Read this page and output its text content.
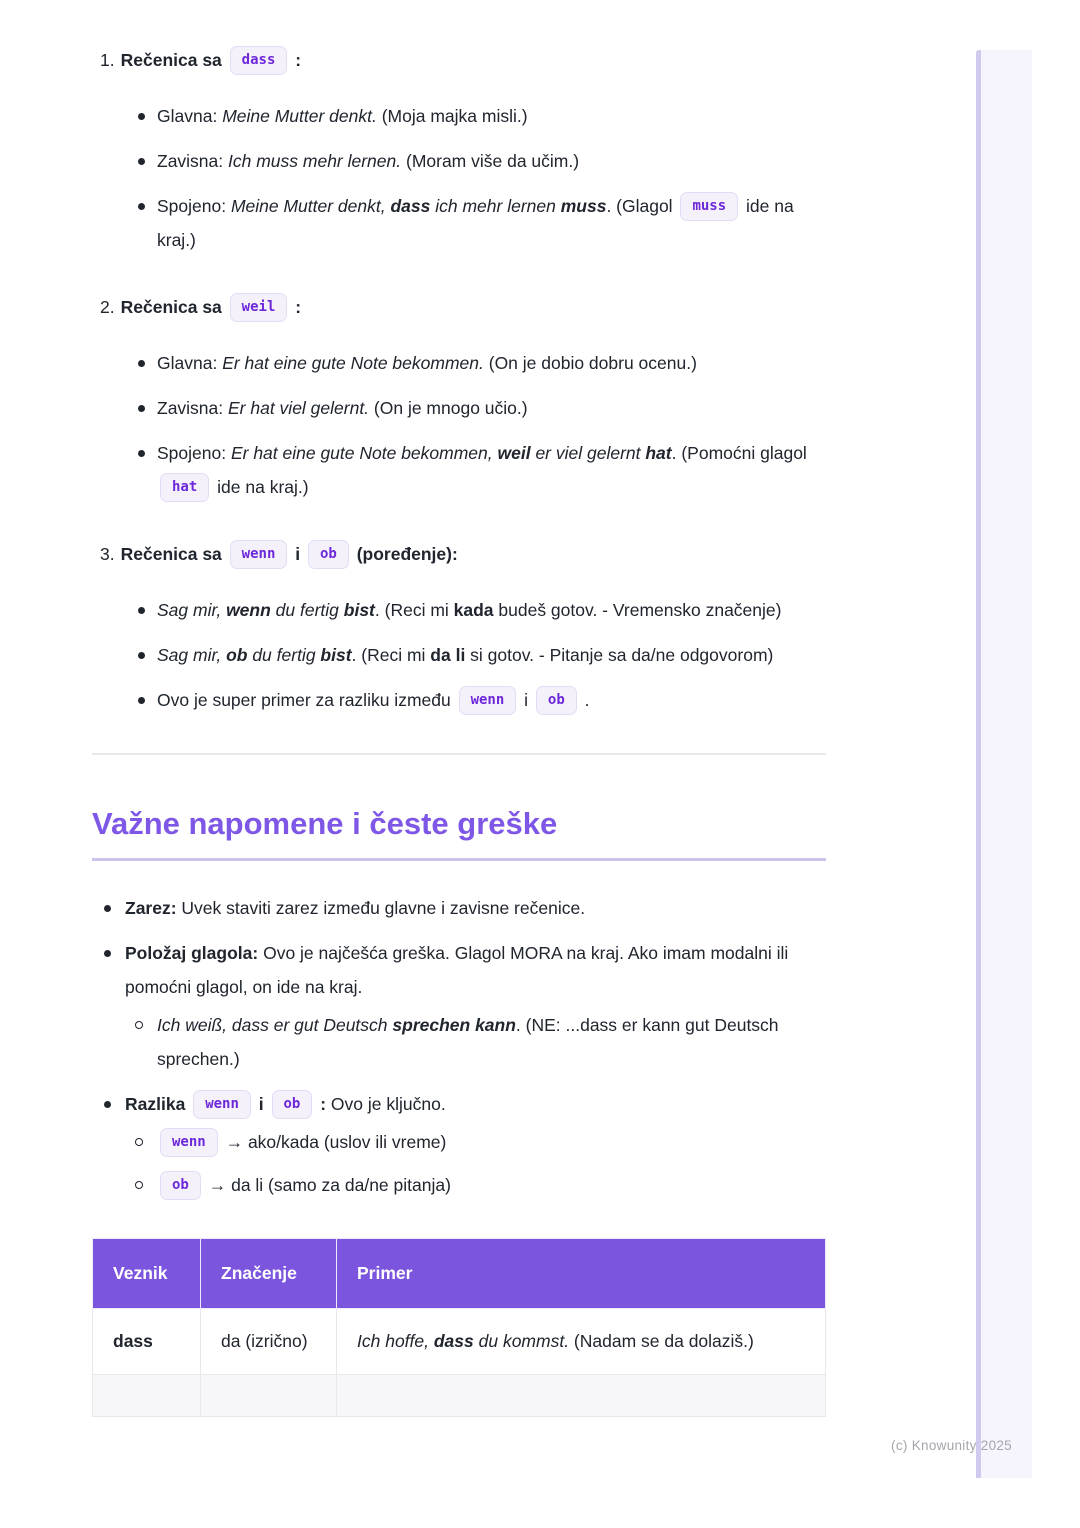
1. Rečenica sa dass :
Glavna: Meine Mutter denkt. (Moja majka misli.)
Zavisna: Ich muss mehr lernen. (Moram više da učim.)
Spojeno: Meine Mutter denkt, dass ich mehr lernen muss. (Glagol muss ide na kraj.)
2. Rečenica sa weil :
Glavna: Er hat eine gute Note bekommen. (On je dobio dobru ocenu.)
Zavisna: Er hat viel gelernt. (On je mnogo učio.)
Spojeno: Er hat eine gute Note bekommen, weil er viel gelernt hat. (Pomoćni glagol hat ide na kraj.)
3. Rečenica sa wenn i ob (poređenje):
Sag mir, wenn du fertig bist. (Reci mi kada budeš gotov. - Vremensko značenje)
Sag mir, ob du fertig bist. (Reci mi da li si gotov. - Pitanje sa da/ne odgovorom)
Ovo je super primer za razliku između wenn i ob .
Važne napomene i česte greške
Zarez: Uvek staviti zarez između glavne i zavisne rečenice.
Položaj glagola: Ovo je najčešća greška. Glagol MORA na kraj. Ako imam modalni ili pomoćni glagol, on ide na kraj.
Ich weiß, dass er gut Deutsch sprechen kann. (NE: ...dass er kann gut Deutsch sprechen.)
Razlika wenn i ob : Ovo je ključno.
wenn → ako/kada (uslov ili vreme)
ob → da li (samo za da/ne pitanja)
Veznik	Značenje	Primer
dass	da (izrično)	Ich hoffe, dass du kommst. (Nadam se da dolaziš.)

(c) Knowunity 2025
